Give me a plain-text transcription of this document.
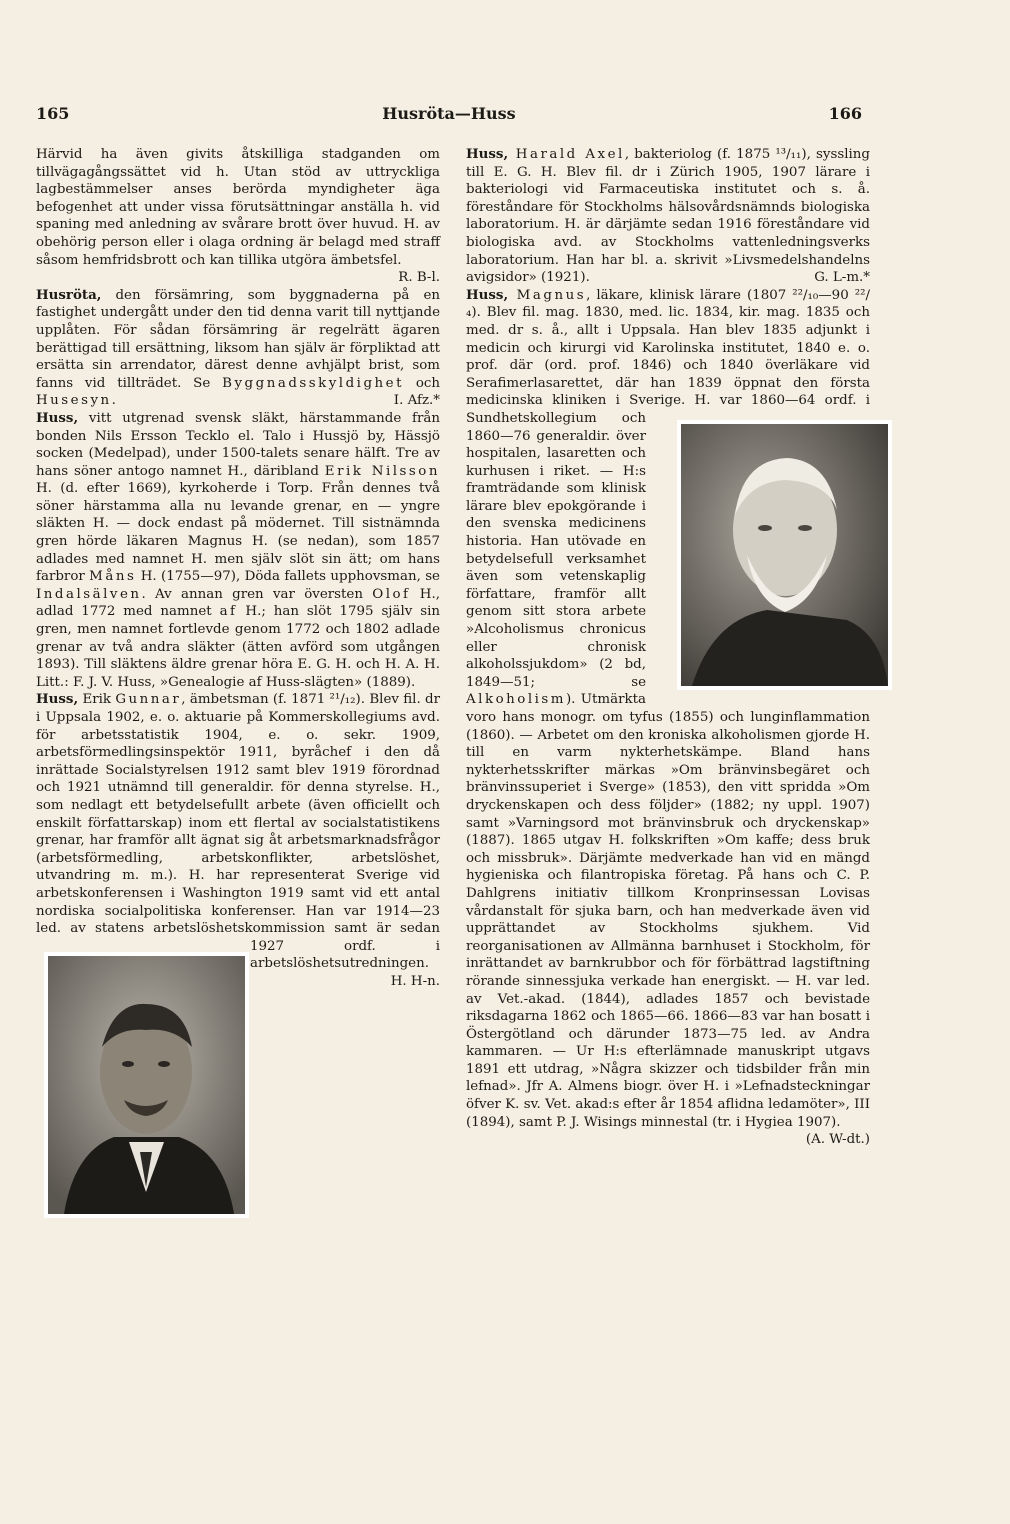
165	Husröta—Huss	166

Härvid ha även givits åtskilliga stadganden om tillvägagångssättet vid h. Utan stöd av uttryckliga lagbestämmelser anses berörda myndigheter äga befogenhet att under vissa förutsättningar anställa h. vid spaning med anledning av svårare brott över huvud. H. av obehörig person eller i olaga ordning är belagd med straff såsom hemfridsbrott och kan tillika utgöra ämbetsfel.
R. B-l.

Husröta, den försämring, som byggnaderna på en fastighet undergått under den tid denna varit till nyttjande upplåten. För sådan försämring är regelrätt ägaren berättigad till ersättning, liksom han själv är förpliktad att ersätta sin arrendator, därest denne avhjälpt brist, som fanns vid tillträdet. Se Byggnadsskyldighet och Husesyn.	I. Afz.*

Huss, vitt utgrenad svensk släkt, härstammande från bonden Nils Ersson Tecklo el. Talo i Hussjö by, Hässjö socken (Medelpad), under 1500-talets senare hälft. Tre av hans söner antogo namnet H., däribland Erik Nilsson H. (d. efter 1669), kyrkoherde i Torp. Från dennes två söner härstamma alla nu levande grenar, en — yngre släkten H. — dock endast på mödernet. Till sistnämnda gren hörde läkaren Magnus H. (se nedan), som 1857 adlades med namnet H. men själv slöt sin ätt; om hans farbror Måns H. (1755—97), Döda fallets upphovsman, se Indalsälven. Av annan gren var översten Olof H., adlad 1772 med namnet af H.; han slöt 1795 själv sin gren, men namnet fortlevde genom 1772 och 1802 adlade grenar av två andra släkter (ätten avförd som utgången 1893). Till släktens äldre grenar höra E. G. H. och H. A. H. Litt.: F. J. V. Huss, »Genealogie af Huss-slägten» (1889).

Huss, Erik Gunnar, ämbetsman (f. 1871 ²¹/₁₂). Blev fil. dr i Uppsala 1902, e. o. aktuarie på Kommerskollegiums avd. för arbetsstatistik 1904, e. o. sekr. 1909, arbetsförmedlingsinspektör 1911, byråchef i den då inrättade Socialstyrelsen 1912 samt blev 1919 förordnad och 1921 utnämnd till generaldir. för denna styrelse. H., som nedlagt ett betydelsefullt arbete (även officiellt och enskilt författarskap) inom ett flertal av socialstatistikens grenar, har framför allt ägnat sig åt arbetsmarknadsfrågor (arbetsförmedling, arbetskonflikter, arbetslöshet, utvandring m. m.). H. har representerat Sverige vid arbetskonferensen i Washington 1919 samt vid ett antal nordiska socialpolitiska konferenser. Han var 1914—23 led. av statens arbetslöshetskommission samt är sedan 1927 ordf. i arbetslöshetsutredningen.
H. H-n.

Huss, Harald Axel, bakteriolog (f. 1875 ¹³/₁₁), syssling till E. G. H. Blev fil. dr i Zürich 1905, 1907 lärare i bakteriologi vid Farmaceutiska institutet och s. å. föreståndare för Stockholms hälsovårdsnämnds biologiska laboratorium. H. är därjämte sedan 1916 föreståndare vid biologiska avd. av Stockholms vattenledningsverks laboratorium. Han har bl. a. skrivit »Livsmedelshandelns avigsidor» (1921).	G. L-m.*

Huss, Magnus, läkare, klinisk lärare (1807 ²²/₁₀—90 ²²/₄). Blev fil. mag. 1830, med. lic. 1834, kir. mag. 1835 och med. dr s. å., allt i Uppsala. Han blev 1835 adjunkt i medicin och kirurgi vid Karolinska institutet, 1840 e. o. prof. där (ord. prof. 1846) och 1840 överläkare vid Serafimerlasarettet, där han 1839 öppnat den första medicinska kliniken i Sverige. H. var 1860—64 ordf. i Sundhetskollegium och 1860—76 generaldir. över hospitalen, lasaretten och kurhusen i riket. — H:s framträdande som klinisk lärare blev epokgörande i den svenska medicinens historia. Han utövade en betydelsefull verksamhet även som vetenskaplig författare, framför allt genom sitt stora arbete »Alcoholismus chronicus eller chronisk alkoholssjukdom» (2 bd, 1849—51; se Alkoholism). Utmärkta voro hans monogr. om tyfus (1855) och lunginflammation (1860). — Arbetet om den kroniska alkoholismen gjorde H. till en varm nykterhetskämpe. Bland hans nykterhetsskrifter märkas »Om bränvinsbegäret och bränvinssuperiet i Sverge» (1853), den vitt spridda »Om dryckenskapen och dess följder» (1882; ny uppl. 1907) samt »Varningsord mot bränvinsbruk och dryckenskap» (1887). 1865 utgav H. folkskriften »Om kaffe; dess bruk och missbruk». Därjämte medverkade han vid en mängd hygieniska och filantropiska företag. På hans och C. P. Dahlgrens initiativ tillkom Kronprinsessan Lovisas vårdanstalt för sjuka barn, och han medverkade även vid upprättandet av Stockholms sjukhem. Vid reorganisationen av Allmänna barnhuset i Stockholm, för inrättandet av barnkrubbor och för förbättrad lagstiftning rörande sinnessjuka verkade han energiskt. — H. var led. av Vet.-akad. (1844), adlades 1857 och bevistade riksdagarna 1862 och 1865—66. 1866—83 var han bosatt i Östergötland och därunder 1873—75 led. av Andra kammaren. — Ur H:s efterlämnade manuskript utgavs 1891 ett utdrag, »Några skizzer och tidsbilder från min lefnad». Jfr A. Almens biogr. över H. i »Lefnadsteckningar öfver K. sv. Vet. akad:s efter år 1854 aflidna ledamöter», III (1894), samt P. J. Wisings minnestal (tr. i Hygiea 1907).
(A. W-dt.)
